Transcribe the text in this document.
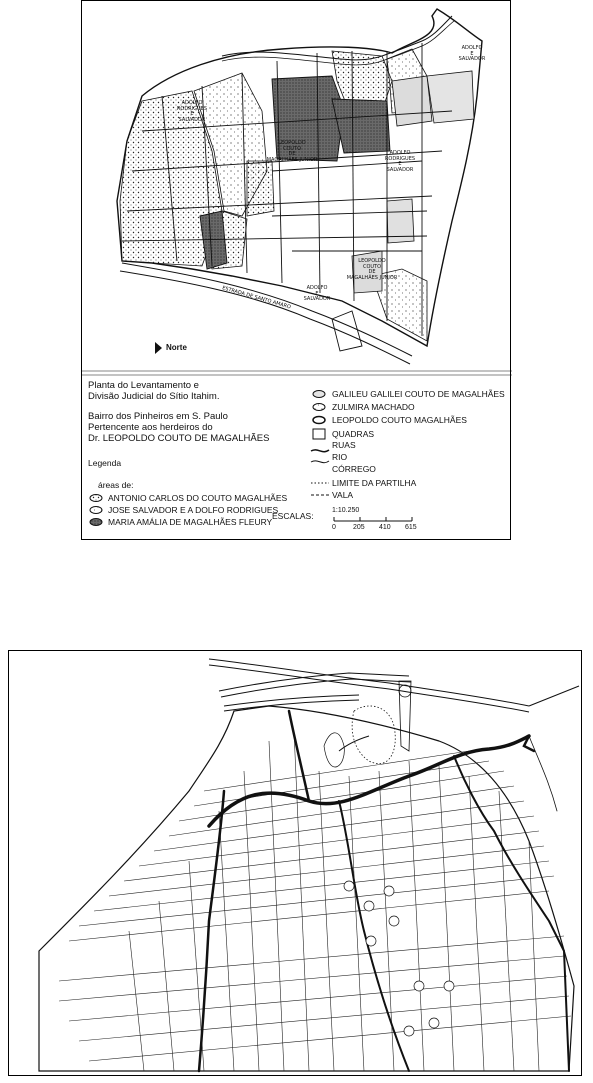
ESTRADA DE SANTO AMARO
LEOPOLDO
COUTO
DE
MAGALHÃES JUNIOR
ADOLFO
RODRIGUES
E
SALVADOR
ADOLFO
RODRIGUES
E
SALVADOR
ADOLFO
E
SALVADOR
LEOPOLDO
COUTO
DE
MAGALHÃES JUNIOR
ADOLFO
E
SALVADOR
Norte
Planta do Levantamento e
Divisão Judicial do Sítio Itahim.
Bairro dos Pinheiros em S. Paulo
Pertencente aos herdeiros do
Dr. LEOPOLDO COUTO DE MAGALHÃES
Legenda
áreas de:
ANTONIO CARLOS DO COUTO MAGALHÃES
JOSE SALVADOR E A DOLFO RODRIGUES
MARIA AMÁLIA DE MAGALHÃES FLEURY
GALILEU GALILEI COUTO DE MAGALHÃES
ZULMIRA MACHADO
LEOPOLDO COUTO MAGALHÃES
QUADRAS
RUAS
RIO
CÓRREGO
LIMITE DA PARTILHA
VALA
ESCALAS:
1:10.250
0 205 410 615
